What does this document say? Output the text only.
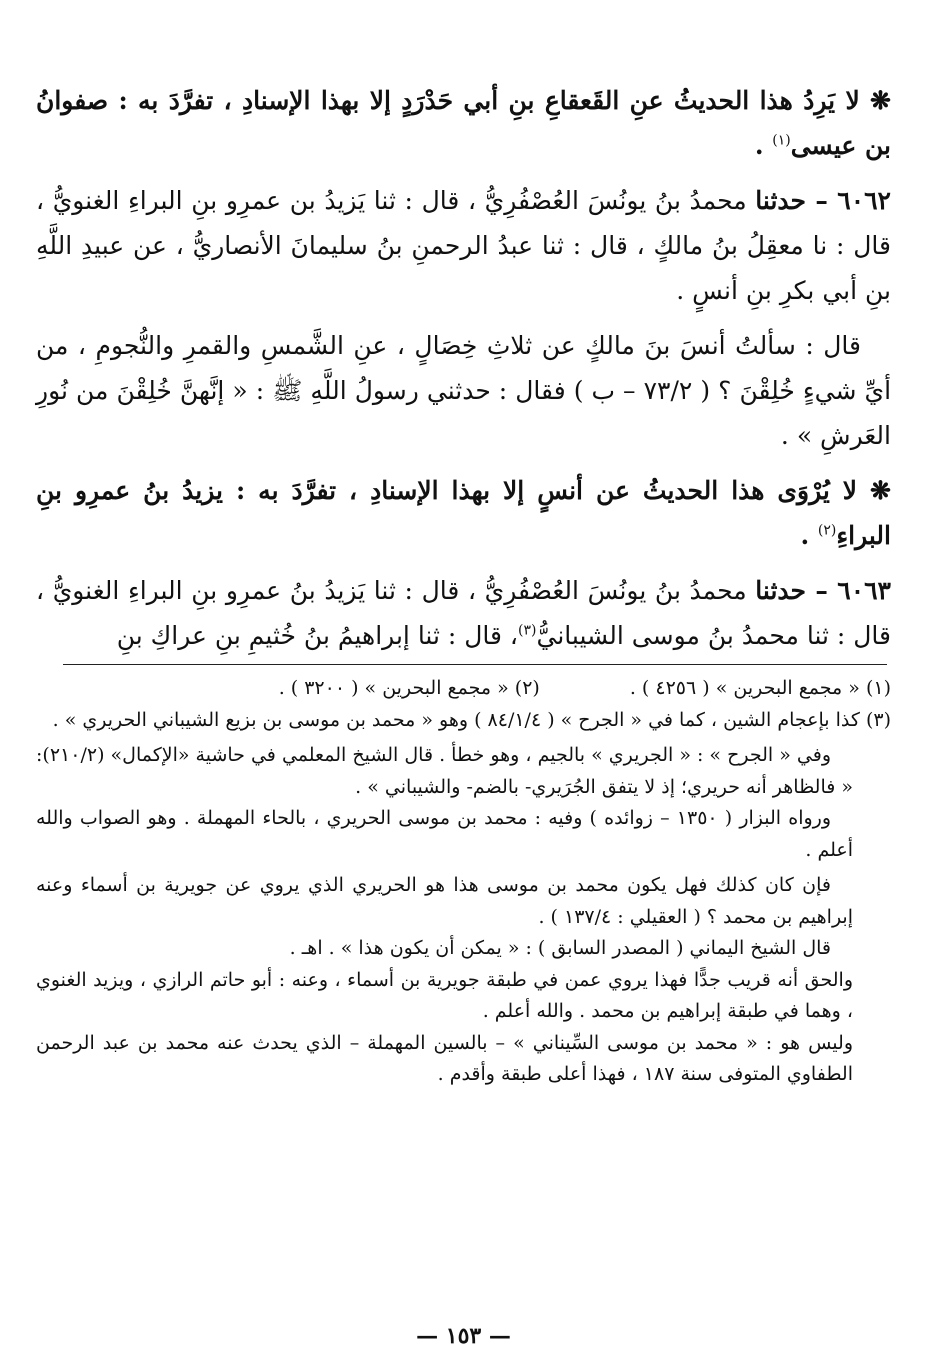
❋ لا يَرِدُ هذا الحديثُ عنِ القَعقاعِ بنِ أبي حَدْرَدٍ إلا بهذا الإسنادِ ، تفرَّدَ به : صفوانُ بن عيسى$^{(١)}$ .

٦٠٦٢ – حدثنا محمدُ بنُ يونُسَ العُصْفُرِيُّ ، قال : ثنا يَزيدُ بن عمرِو بنِ البراءِ الغنويُّ ، قال : نا معقِلُ بنُ مالكٍ ، قال : ثنا عبدُ الرحمنِ بنُ سليمانَ الأنصاريُّ ، عن عبيدِ اللَّهِ بنِ أبي بكرِ بنِ أنسٍ .

قال : سألتُ أنسَ بنَ مالكٍ عن ثلاثِ خِصَالٍ ، عنِ الشَّمسِ والقمرِ والنُّجومِ ، من أيِّ شيءٍ خُلِقْنَ ؟ ( ٧٣/٢ – ب ) فقال : حدثني رسولُ اللَّهِ ﷺ : « إنَّهنَّ خُلِقْنَ من نُورِ العَرشِ » .

❋ لا يُرْوَى هذا الحديثُ عن أنسٍ إلا بهذا الإسنادِ ، تفرَّدَ به : يزيدُ بنُ عمرِو بنِ البراءِ$^{(٢)}$ .

٦٠٦٣ – حدثنا محمدُ بنُ يونُسَ العُصْفُرِيُّ ، قال : ثنا يَزيدُ بنُ عمرِو بنِ البراءِ الغنويُّ ، قال : ثنا محمدُ بنُ موسى الشيبانيُّ$^{(٣)}$، قال : ثنا إبراهيمُ بنُ خُثيمِ بنِ عراكِ بنِ

(١) « مجمع البحرين » ( ٤٢٥٦ ) .
(٢) « مجمع البحرين » ( ٣٢٠٠ ) .

(٣) كذا بإعجام الشين ، كما في « الجرح » ( ٨٤/١/٤ ) وهو « محمد بن موسى بن بزيع الشيباني الحريري » .

وفي « الجرح » : « الجريري » بالجيم ، وهو خطأ . قال الشيخ المعلمي في حاشية «الإكمال» (٢١٠/٢): « فالظاهر أنه حريري؛ إذ لا يتفق الجُرَيري- بالضم- والشيباني » .

ورواه البزار ( ١٣٥٠ – زوائده ) وفيه : محمد بن موسى الحريري ، بالحاء المهملة . وهو الصواب والله أعلم .

فإن كان كذلك فهل يكون محمد بن موسى هذا هو الحريري الذي يروي عن جويرية بن أسماء وعنه إبراهيم بن محمد ؟ ( العقيلي : ١٣٧/٤ ) .

قال الشيخ اليماني ( المصدر السابق ) : « يمكن أن يكون هذا » . اهـ .

والحق أنه قريب جدًّا فهذا يروي عمن في طبقة جويرية بن أسماء ، وعنه : أبو حاتم الرازي ، ويزيد الغنوي ، وهما في طبقة إبراهيم بن محمد . والله أعلم .

وليس هو : « محمد بن موسى السِّيناني » – بالسين المهملة – الذي يحدث عنه محمد بن عبد الرحمن الطفاوي المتوفى سنة ١٨٧ ، فهذا أعلى طبقة وأقدم .

— ١٥٣ —
